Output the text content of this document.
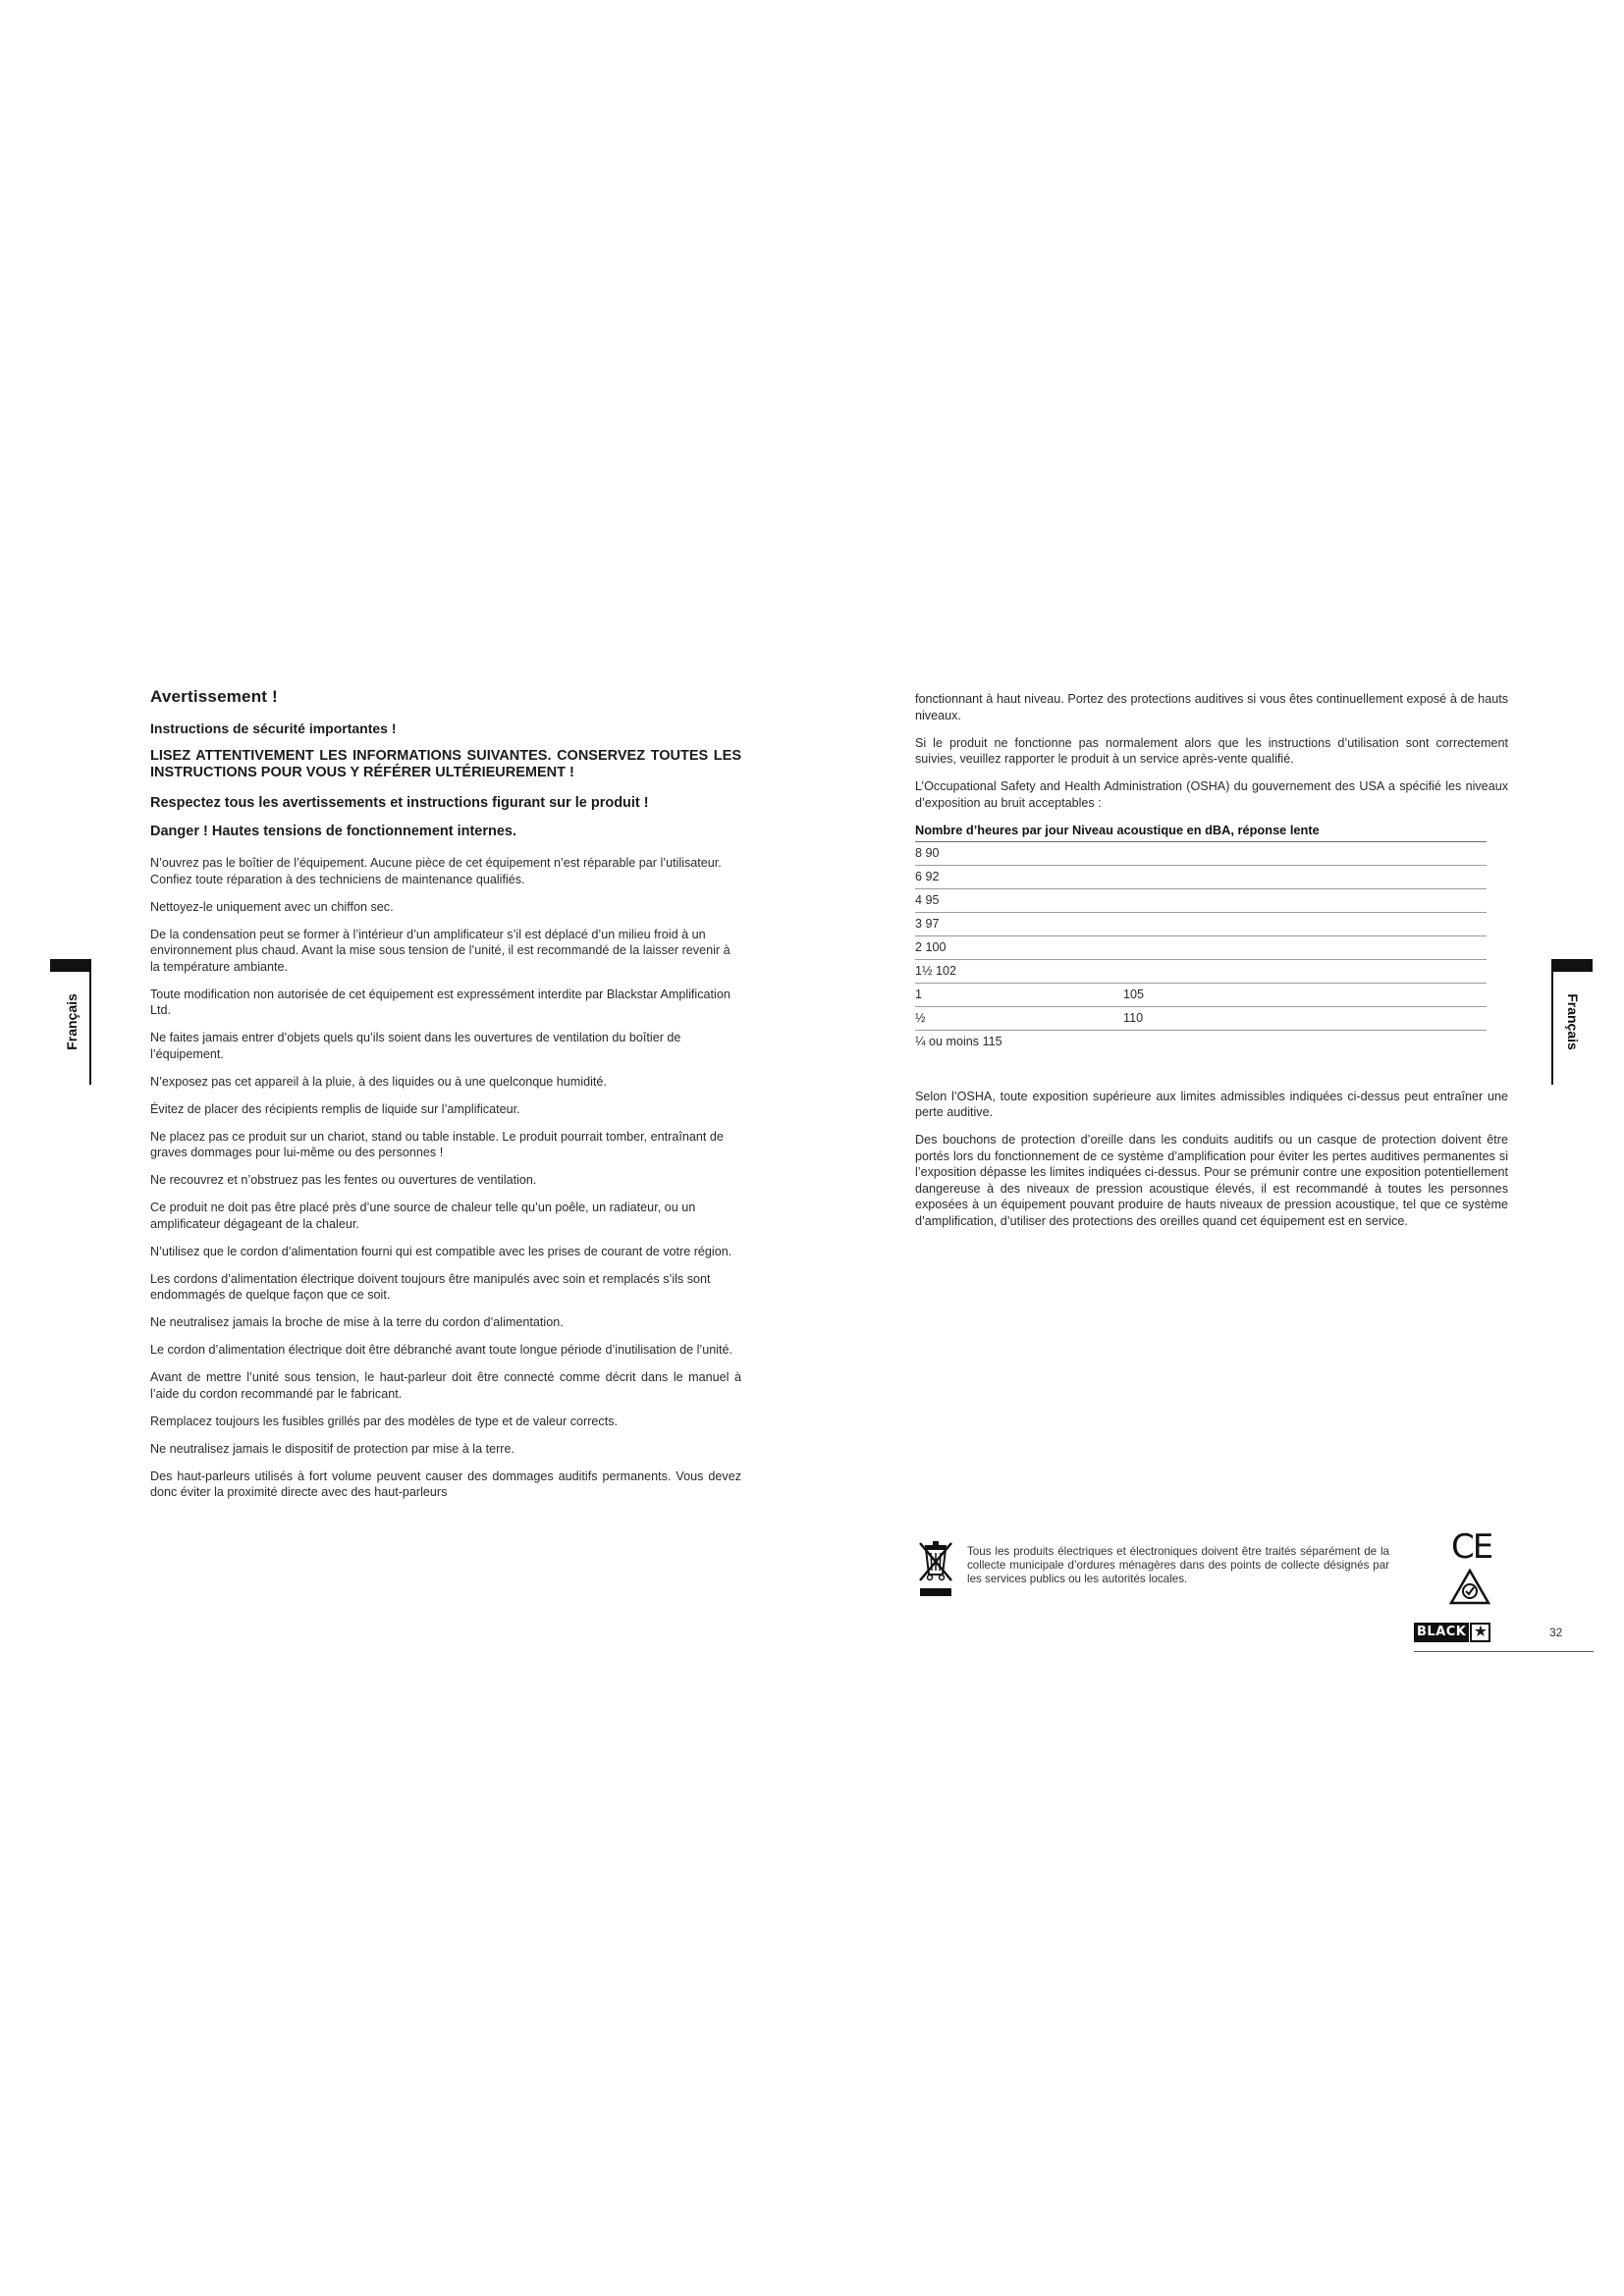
Français	Français
Avertissement !
Instructions de sécurité importantes !
LISEZ ATTENTIVEMENT LES INFORMATIONS SUIVANTES. CONSERVEZ TOUTES LES INSTRUCTIONS POUR VOUS Y RÉFÉRER ULTÉRIEUREMENT !
Respectez tous les avertissements et instructions figurant sur le produit !
Danger ! Hautes tensions de fonctionnement internes.

N’ouvrez pas le boîtier de l’équipement. Aucune pièce de cet équipement n’est réparable par l’utilisateur. Confiez toute réparation à des techniciens de maintenance qualifiés.

Nettoyez-le uniquement avec un chiffon sec.

De la condensation peut se former à l’intérieur d’un amplificateur s’il est déplacé d’un milieu froid à un environnement plus chaud. Avant la mise sous tension de l’unité, il est recommandé de la laisser revenir à la température ambiante.

Toute modification non autorisée de cet équipement est expressément interdite par Blackstar Amplification Ltd.

Ne faites jamais entrer d’objets quels qu’ils soient dans les ouvertures de ventilation du boîtier de l’équipement.

N’exposez pas cet appareil à la pluie, à des liquides ou à une quelconque humidité.

Évitez de placer des récipients remplis de liquide sur l’amplificateur.

Ne placez pas ce produit sur un chariot, stand ou table instable. Le produit pourrait tomber, entraînant de graves dommages pour lui-même ou des personnes !

Ne recouvrez et n’obstruez pas les fentes ou ouvertures de ventilation.

Ce produit ne doit pas être placé près d’une source de chaleur telle qu’un poêle, un radiateur, ou un amplificateur dégageant de la chaleur.

N’utilisez que le cordon d’alimentation fourni qui est compatible avec les prises de courant de votre région.

Les cordons d’alimentation électrique doivent toujours être manipulés avec soin et remplacés s’ils sont endommagés de quelque façon que ce soit.

Ne neutralisez jamais la broche de mise à la terre du cordon d’alimentation.

Le cordon d’alimentation électrique doit être débranché avant toute longue période d’inutilisation de l’unité.

Avant de mettre l’unité sous tension, le haut-parleur doit être connecté comme décrit dans le manuel à l’aide du cordon recommandé par le fabricant.

Remplacez toujours les fusibles grillés par des modèles de type et de valeur corrects.

Ne neutralisez jamais le dispositif de protection par mise à la terre.

Des haut-parleurs utilisés à fort volume peuvent causer des dommages auditifs permanents. Vous devez donc éviter la proximité directe avec des haut-parleurs

fonctionnant à haut niveau. Portez des protections auditives si vous êtes continuellement exposé à de hauts niveaux.

Si le produit ne fonctionne pas normalement alors que les instructions d’utilisation sont correctement suivies, veuillez rapporter le produit à un service après-vente qualifié.

L’Occupational Safety and Health Administration (OSHA) du gouvernement des USA a spécifié les niveaux d’exposition au bruit acceptables :

Nombre d’heures par jour Niveau acoustique en dBA, réponse lente	
8 90	
6 92	
4 95	
3 97	
2 100	
1½ 102	
1	105
½	110
¼ ou moins 115	

Selon l’OSHA, toute exposition supérieure aux limites admissibles indiquées ci-dessus peut entraîner une perte auditive.

Des bouchons de protection d’oreille dans les conduits auditifs ou un casque de protection doivent être portés lors du fonctionnement de ce système d’amplification pour éviter les pertes auditives permanentes si l’exposition dépasse les limites indiquées ci-dessus. Pour se prémunir contre une exposition potentiellement dangereuse à des niveaux de pression acoustique élevés, il est recommandé à toutes les personnes exposées à un équipement pouvant produire de hauts niveaux de pression acoustique, tel que ce système d’amplification, d’utiliser des protections des oreilles quand cet équipement est en service.

Tous les produits électriques et électroniques doivent être traités séparément de la collecte municipale d’ordures ménagères dans des points de collecte désignés par les services publics ou les autorités locales.

CE
BLACK ★	32
